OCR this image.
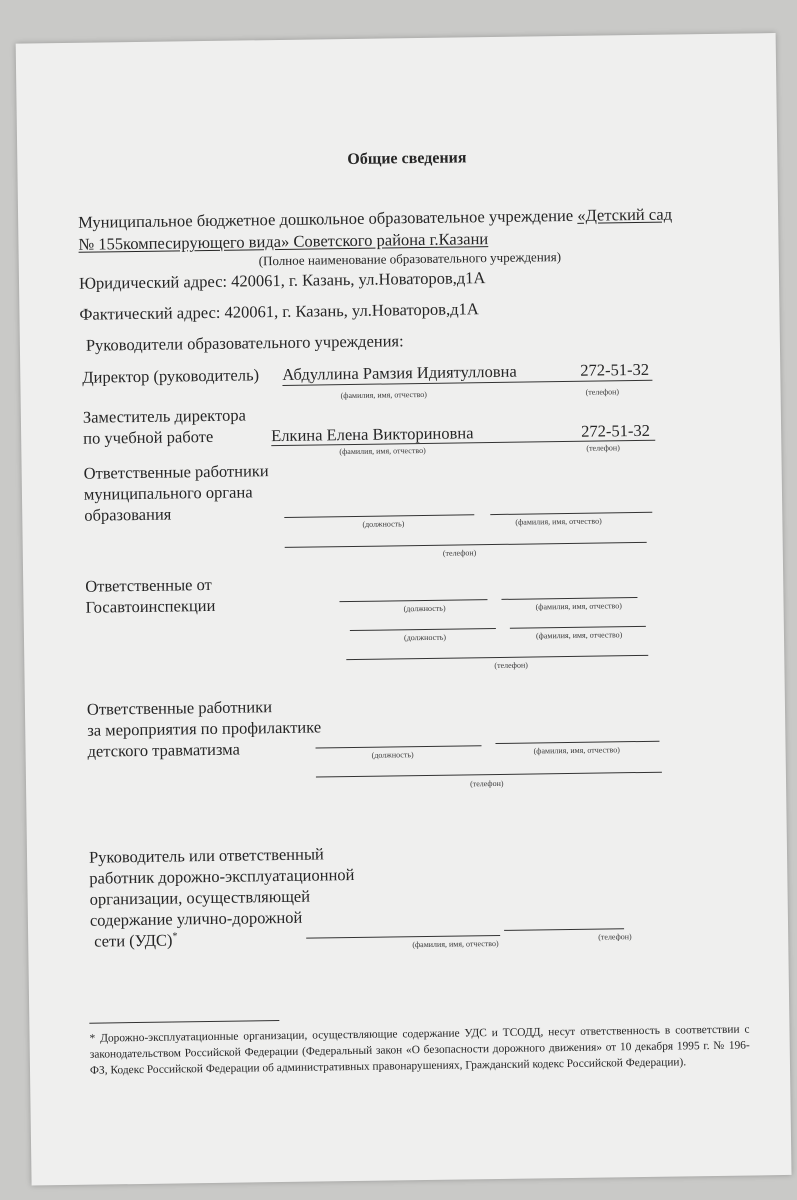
Общие сведения
Муниципальное бюджетное дошкольное образовательное учреждение «Детский сад
№ 155компесирующего вида» Советского района г.Казани
(Полное наименование образовательного учреждения)
Юридический адрес: 420061, г. Казань, ул.Новаторов,д1А
Фактический адрес: 420061, г. Казань, ул.Новаторов,д1А
Руководители образовательного учреждения:
Директор (руководитель) Абдуллина Рамзия Идиятулловна	272-51-32
(фамилия, имя, отчество)	(телефон)
Заместитель директора
по учебной работе	Елкина Елена Викториновна	272-51-32
(фамилия, имя, отчество)	(телефон)
Ответственные работники
муниципального органа
образования	(должность)	(фамилия, имя, отчество)
(телефон)
Ответственные от
Госавтоинспекции	(должность)	(фамилия, имя, отчество)
(должность)	(фамилия, имя, отчество)
(телефон)
Ответственные работники
за мероприятия по профилактике
детского травматизма	(должность)	(фамилия, имя, отчество)
(телефон)
Руководитель или ответственный
работник дорожно-эксплуатационной
организации, осуществляющей
содержание улично-дорожной
сети (УДС)*
(фамилия, имя, отчество)
(телефон)
* Дорожно-эксплуатационные организации, осуществляющие содержание УДС и ТСОДД, несут ответственность в соответствии с законодательством Российской Федерации (Федеральный закон «О безопасности дорожного движения» от 10 декабря 1995 г. № 196-ФЗ, Кодекс Российской Федерации об административных правонарушениях, Гражданский кодекс Российской Федерации).
